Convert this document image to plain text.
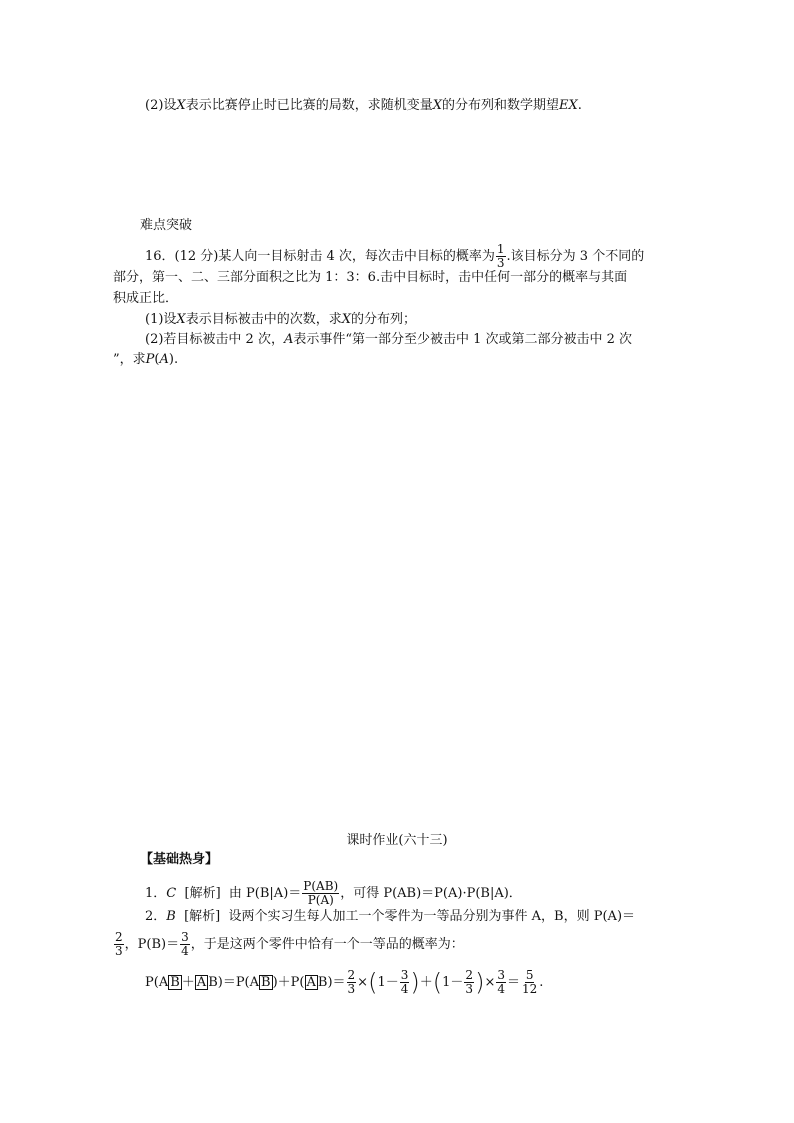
(2)设X表示比赛停止时已比赛的局数，求随机变量X的分布列和数学期望EX.
难点突破
16．(12 分)某人向一目标射击 4 次，每次击中目标的概率为 $\frac{1}{3}$ .该目标分为 3 个不同的
部分，第一、二、三部分面积之比为 1：3：6.击中目标时，击中任何一部分的概率与其面
积成正比．
(1)设X表示目标被击中的次数，求X的分布列；
(2)若目标被击中 2 次，A表示事件“第一部分至少被击中 1 次或第二部分被击中 2 次
”，求P(A).
课时作业(六十三)
【基础热身】
1．C [解析] 由 $P(B|A)= \frac{P(AB)}{P(A)}$ ，可得 P(AB)＝P(A)·P(B|A)．
2．B [解析] 设两个实习生每人加工一个零件为一等品分别为事件 A，B，则 P(A)＝
$\frac{2}{3}$ ，$P(B)= \frac{3}{4}$ ，于是这两个零件中恰有一个一等品的概率为：
P(A B ＋ A B)＝P(A B )＋P( A $B)= \frac{2}{3} \times(1- \frac{3}{4} )+(1- \frac{2}{3}$ )× $\frac{3}{4} = \frac{5}{12}$ .
